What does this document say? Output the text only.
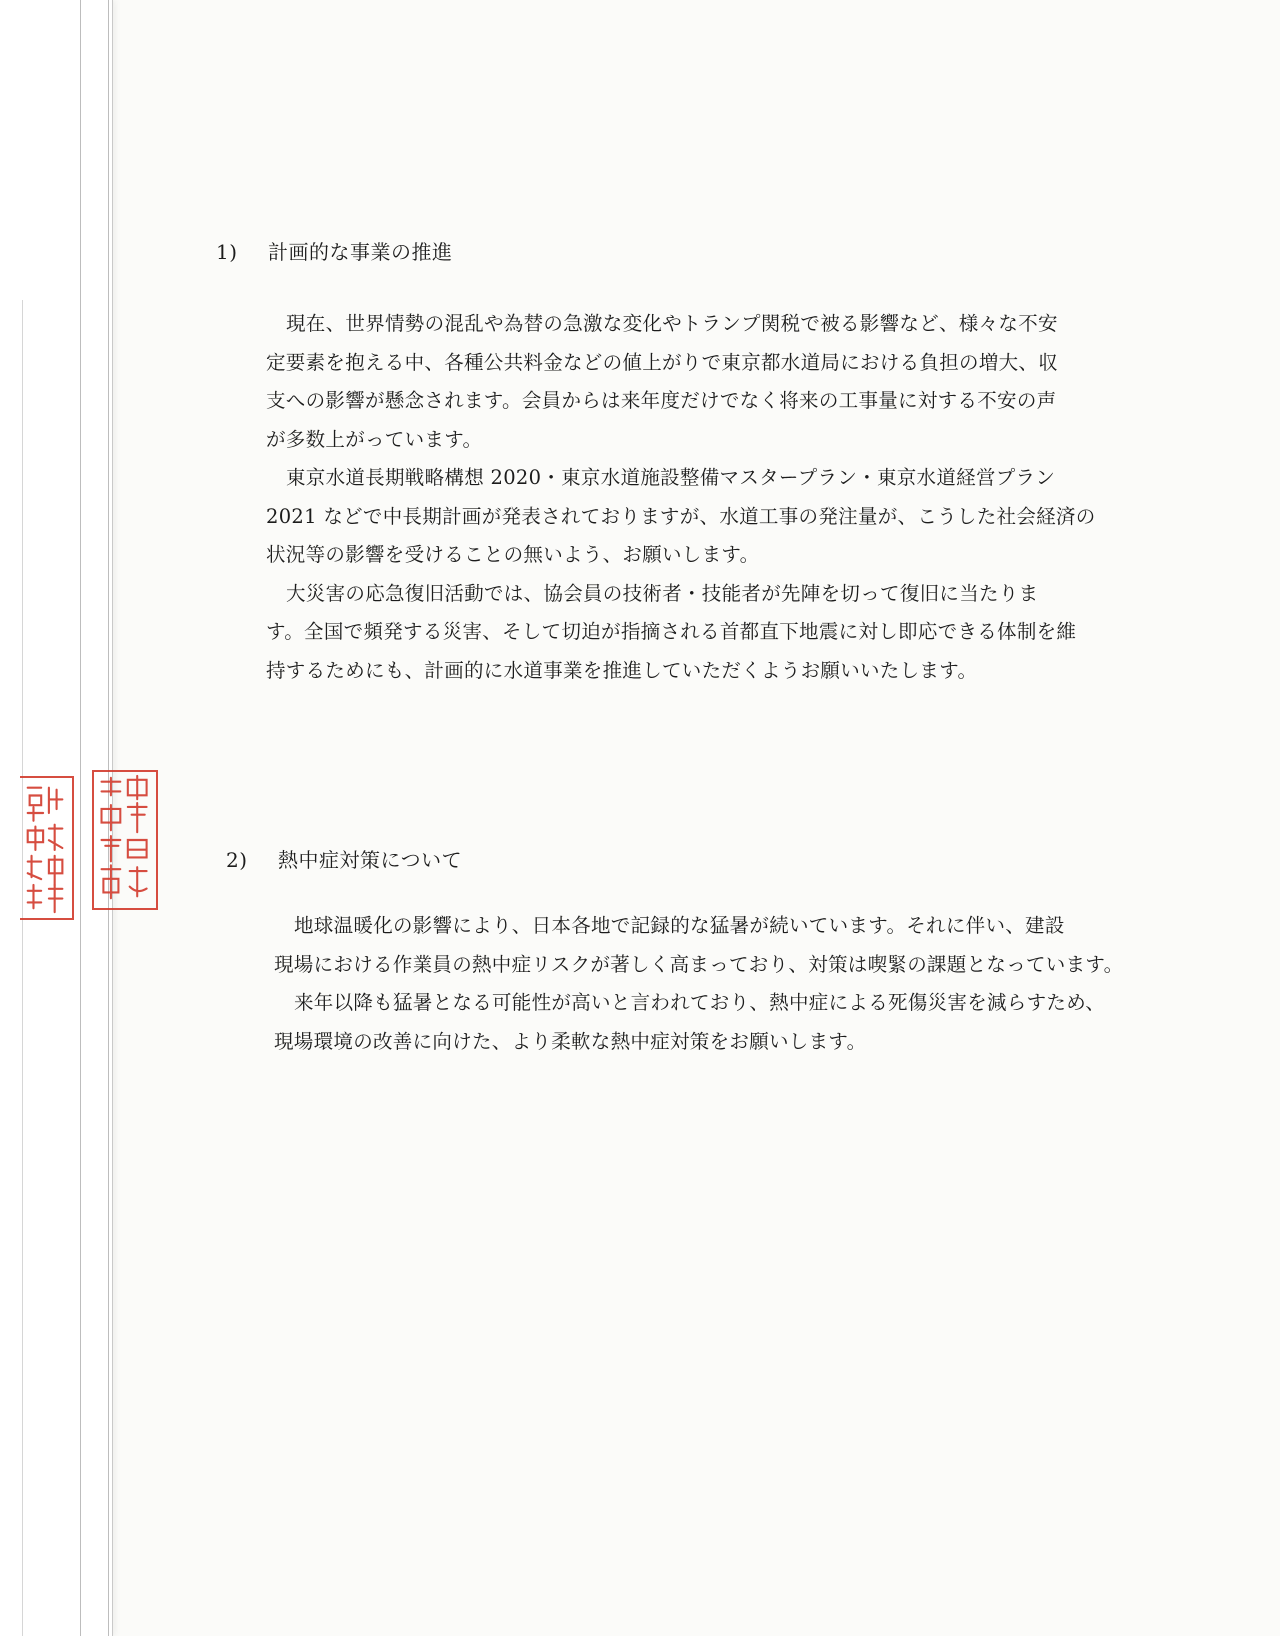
1) 計画的な事業の推進

現在、世界情勢の混乱や為替の急激な変化やトランプ関税で被る影響など、様々な不安

定要素を抱える中、各種公共料金などの値上がりで東京都水道局における負担の増大、収

支への影響が懸念されます。会員からは来年度だけでなく将来の工事量に対する不安の声

が多数上がっています。

東京水道長期戦略構想 2020・東京水道施設整備マスタープラン・東京水道経営プラン

2021 などで中長期計画が発表されておりますが、水道工事の発注量が、こうした社会経済の

状況等の影響を受けることの無いよう、お願いします。

大災害の応急復旧活動では、協会員の技術者・技能者が先陣を切って復旧に当たりま

す。全国で頻発する災害、そして切迫が指摘される首都直下地震に対し即応できる体制を維

持するためにも、計画的に水道事業を推進していただくようお願いいたします。

2) 熱中症対策について

地球温暖化の影響により、日本各地で記録的な猛暑が続いています。それに伴い、建設

現場における作業員の熱中症リスクが著しく高まっており、対策は喫緊の課題となっています。

来年以降も猛暑となる可能性が高いと言われており、熱中症による死傷災害を減らすため、

現場環境の改善に向けた、より柔軟な熱中症対策をお願いします。
